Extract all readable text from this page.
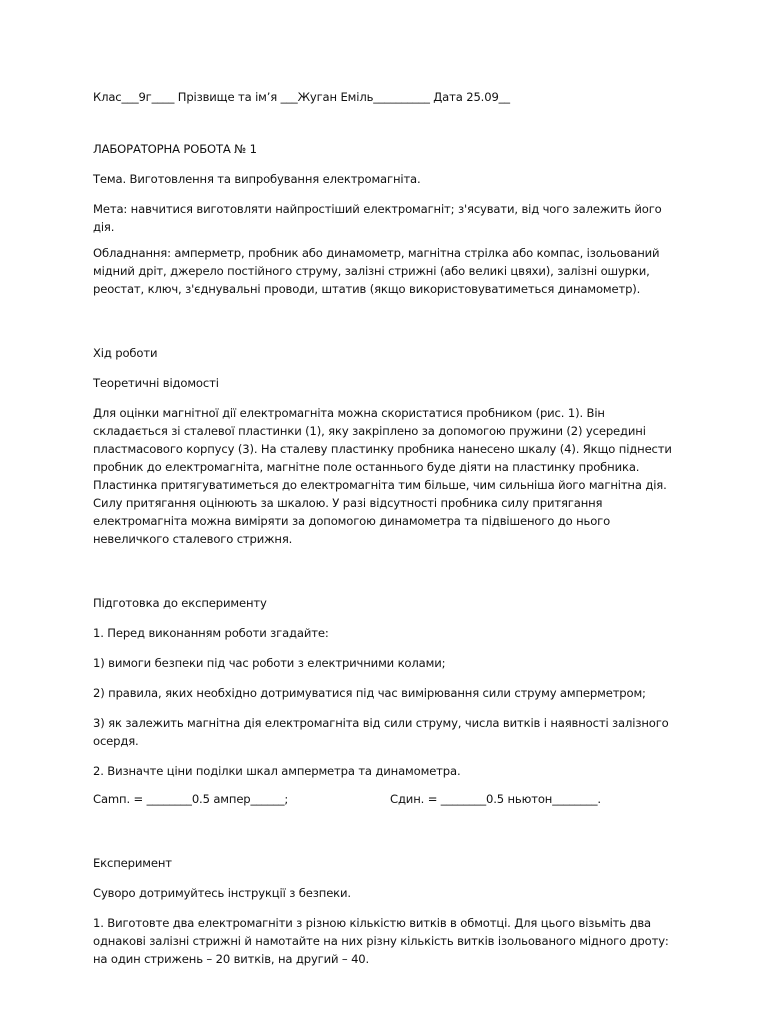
Клас___9г____ Прізвище та ім’я ___Жуган Еміль__________ Дата 25.09__

ЛАБОРАТОРНА РОБОТА № 1

Тема. Виготовлення та випробування електромагніта.

Мета: навчитися виготовляти найпростіший електромагніт; з'ясувати, від чого залежить його

дія.

Обладнання: амперметр, пробник або динамометр, магнітна стрілка або компас, ізольований

мідний дріт, джерело постійного струму, залізні стрижні (або великі цвяхи), залізні ошурки,

реостат, ключ, з'єднувальні проводи, штатив (якщо використовуватиметься динамометр).

Хід роботи

Теоретичні відомості

Для оцінки магнітної дії електромагніта можна скористатися пробником (рис. 1). Він

складається зі сталевої пластинки (1), яку закріплено за допомогою пружини (2) усередині

пластмасового корпусу (3). На сталеву пластинку пробника нанесено шкалу (4). Якщо піднести

пробник до електромагніта, магнітне поле останнього буде діяти на пластинку пробника.

Пластинка притягуватиметься до електромагніта тим більше, чим сильніша його магнітна дія.

Силу притягання оцінюють за шкалою. У разі відсутності пробника силу притягання

електромагніта можна виміряти за допомогою динамометра та підвішеного до нього

невеличкого сталевого стрижня.

Підготовка до експерименту

1. Перед виконанням роботи згадайте:

1) вимоги безпеки під час роботи з електричними колами;

2) правила, яких необхідно дотримуватися під час вимірювання сили струму амперметром;

3) як залежить магнітна дія електромагніта від сили струму, числа витків і наявності залізного

осердя.

2. Визначте ціни поділки шкал амперметра та динамометра.

Сamп. = ________0.5 ампер______;	Сдин. = ________0.5 ньютон________.

Експеримент

Суворо дотримуйтесь інструкції з безпеки.

1. Виготовте два електромагніти з різною кількістю витків в обмотці. Для цього візьміть два

однакові залізні стрижні й намотайте на них різну кількість витків ізольованого мідного дроту:

на один стрижень – 20 витків, на другий – 40.
